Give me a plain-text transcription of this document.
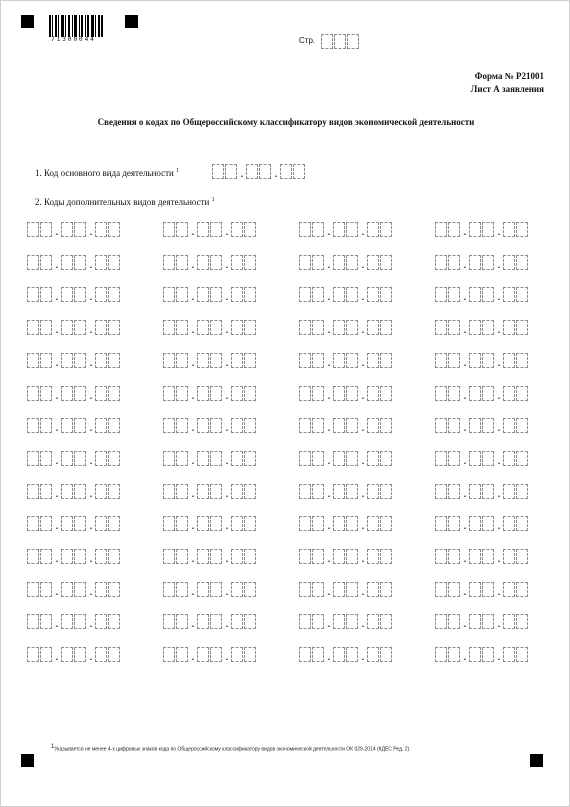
71300044	Стр.
Форма № Р21001
Лист А заявления
Сведения о кодах по Общероссийскому классификатору видов экономической деятельности
1. Код основного вида деятельности $^1$	.	.
2. Коды дополнительных видов деятельности $^1$
.	.	.	.	.	.	.	.
.	.	.	.	.	.	.	.
.	.	.	.	.	.	.	.
.	.	.	.	.	.	.	.
.	.	.	.	.	.	.	.
.	.	.	.	.	.	.	.
.	.	.	.	.	.	.	.
.	.	.	.	.	.	.	.
.	.	.	.	.	.	.	.
.	.	.	.	.	.	.	.
.	.	.	.	.	.	.	.
.	.	.	.	.	.	.	.
.	.	.	.	.	.	.	.
.	.	.	.	.	.	.	.
$^1$Указывается не менее 4-х цифровых знаков кода по Общероссийскому классификатору видов экономической деятельности ОК 029-2014 (КДЕС Ред. 2).
